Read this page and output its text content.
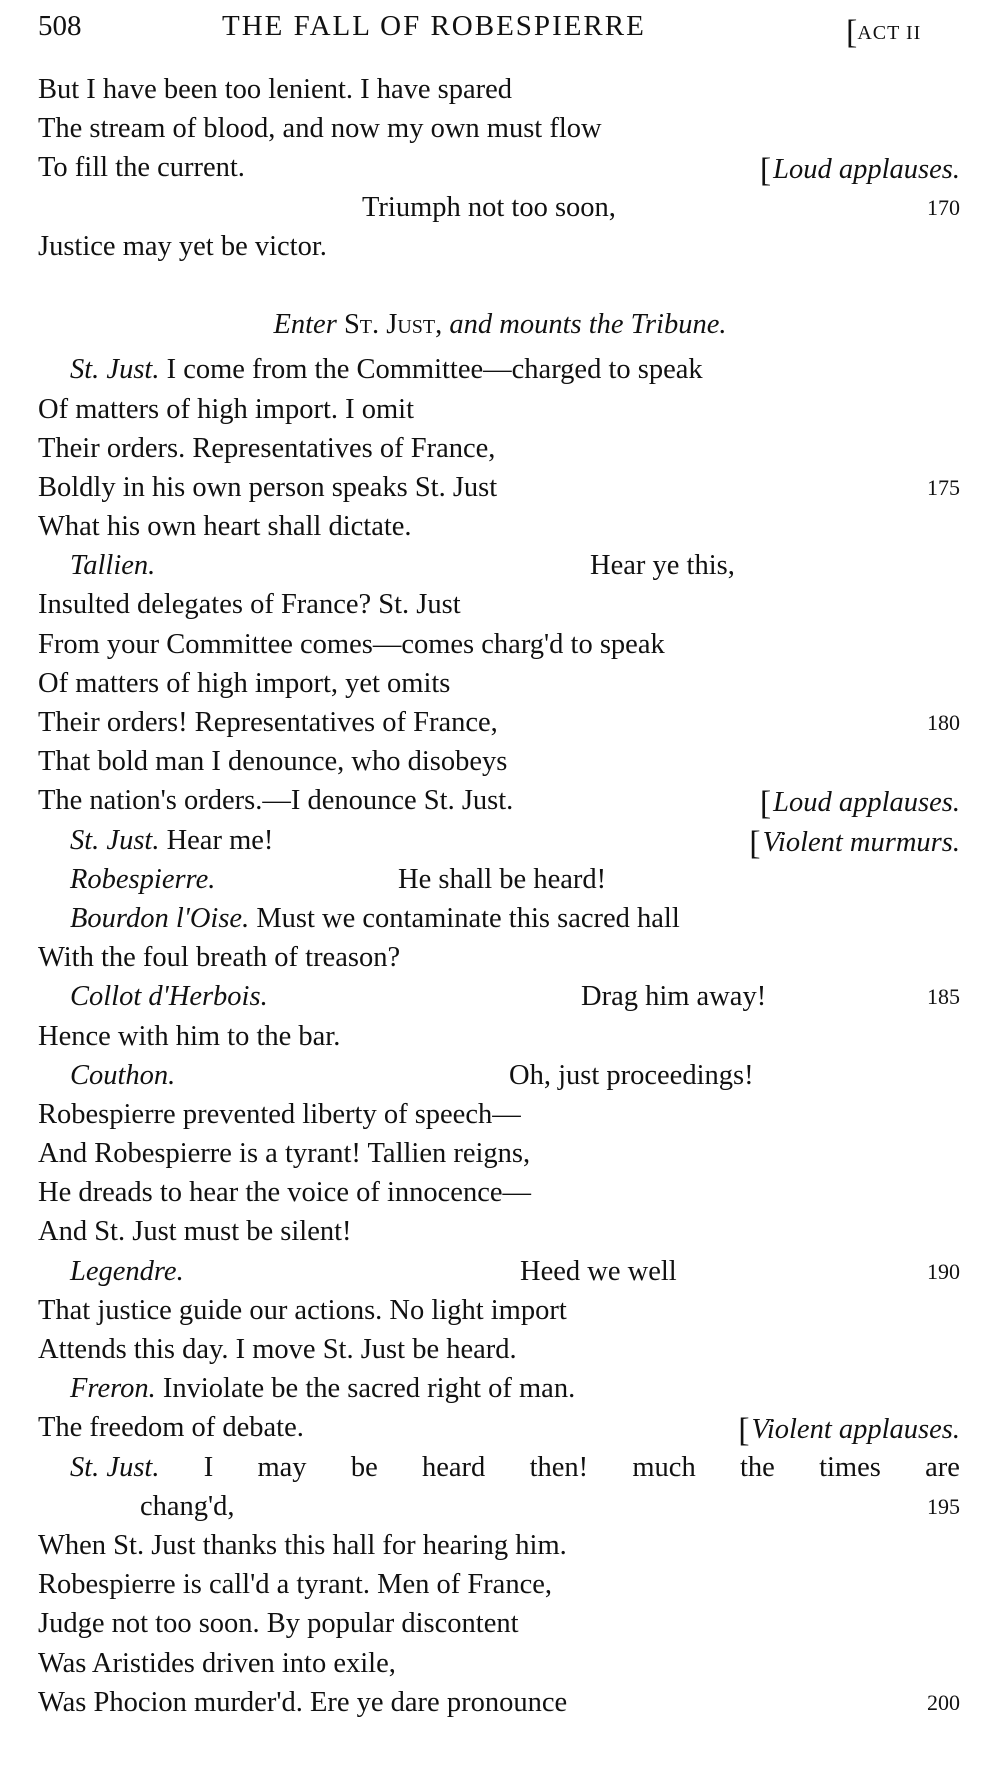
508	THE FALL OF ROBESPIERRE	[ACT II
But I have been too lenient. I have spared
The stream of blood, and now my own must flow
To fill the current.	[Loud applauses.
Triumph not too soon,	170
Justice may yet be victor.
Enter St. Just, and mounts the Tribune.
St. Just. I come from the Committee—charged to speak
Of matters of high import. I omit
Their orders. Representatives of France,
Boldly in his own person speaks St. Just	175
What his own heart shall dictate.
Tallien.	Hear ye this,
Insulted delegates of France? St. Just
From your Committee comes—comes charg'd to speak
Of matters of high import, yet omits
Their orders! Representatives of France,	180
That bold man I denounce, who disobeys
The nation's orders.—I denounce St. Just.	[Loud applauses.
St. Just. Hear me!	[Violent murmurs.
Robespierre.	He shall be heard!
Bourdon l'Oise. Must we contaminate this sacred hall
With the foul breath of treason?
Collot d'Herbois.	Drag him away!	185
Hence with him to the bar.
Couthon.	Oh, just proceedings!
Robespierre prevented liberty of speech—
And Robespierre is a tyrant! Tallien reigns,
He dreads to hear the voice of innocence—
And St. Just must be silent!
Legendre.	Heed we well	190
That justice guide our actions. No light import
Attends this day. I move St. Just be heard.
Freron. Inviolate be the sacred right of man.
The freedom of debate.	[Violent applauses.
St. Just. I may be heard then! much the times are
chang'd,	195
When St. Just thanks this hall for hearing him.
Robespierre is call'd a tyrant. Men of France,
Judge not too soon. By popular discontent
Was Aristides driven into exile,
Was Phocion murder'd. Ere ye dare pronounce	200
